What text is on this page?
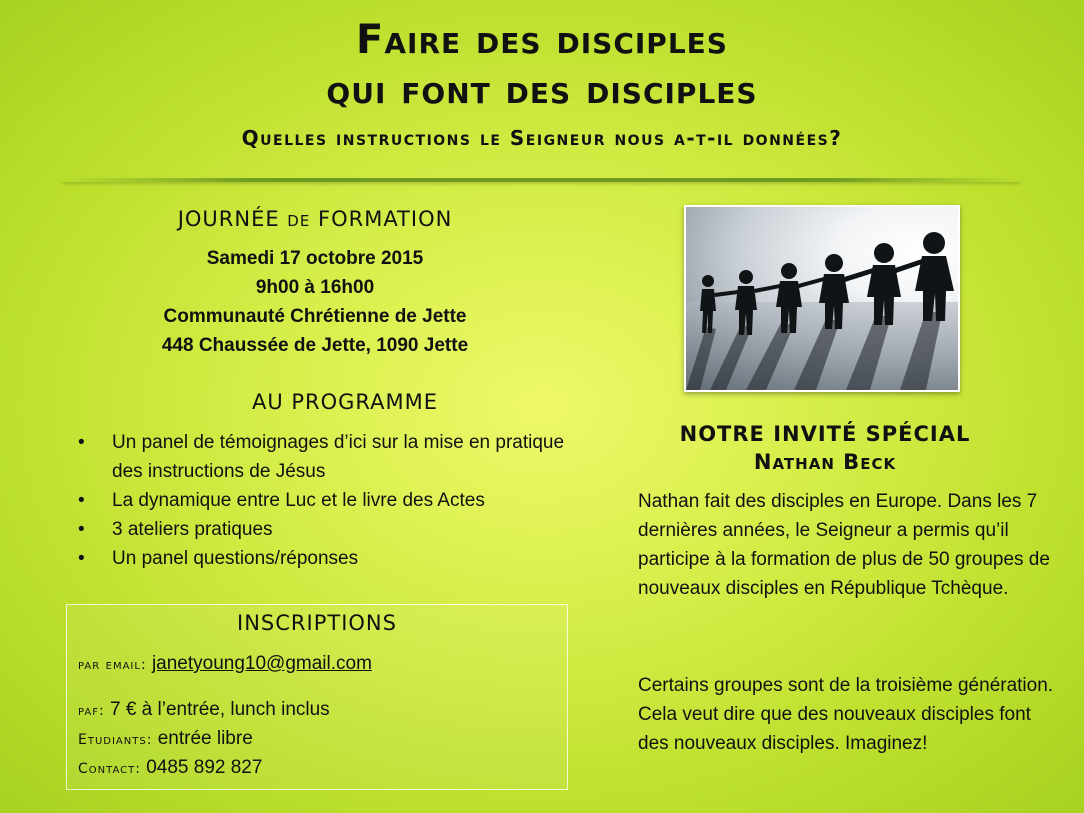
Faire des disciples
qui font des disciples
Quelles instructions le Seigneur nous a-t-il données?
JOURNÉE de FORMATION
Samedi 17 octobre 2015
9h00 à 16h00
Communauté Chrétienne de Jette
448 Chaussée de Jette, 1090 Jette
AU PROGRAMME
• Un panel de témoignages d’ici sur la mise en pratique des instructions de Jésus
• La dynamique entre Luc et le livre des Actes
• 3 ateliers pratiques
• Un panel questions/réponses
INSCRIPTIONS
par email: janetyoung10@gmail.com
paf: 7 € à l’entrée, lunch inclus
Etudiants: entrée libre
Contact: 0485 892 827
NOTRE INVITÉ SPÉCIAL
Nathan Beck

Nathan fait des disciples en Europe. Dans les 7 dernières années, le Seigneur a permis qu’il participe à la formation de plus de 50 groupes de nouveaux disciples en République Tchèque.

Certains groupes sont de la troisième génération. Cela veut dire que des nouveaux disciples font des nouveaux disciples. Imaginez!
